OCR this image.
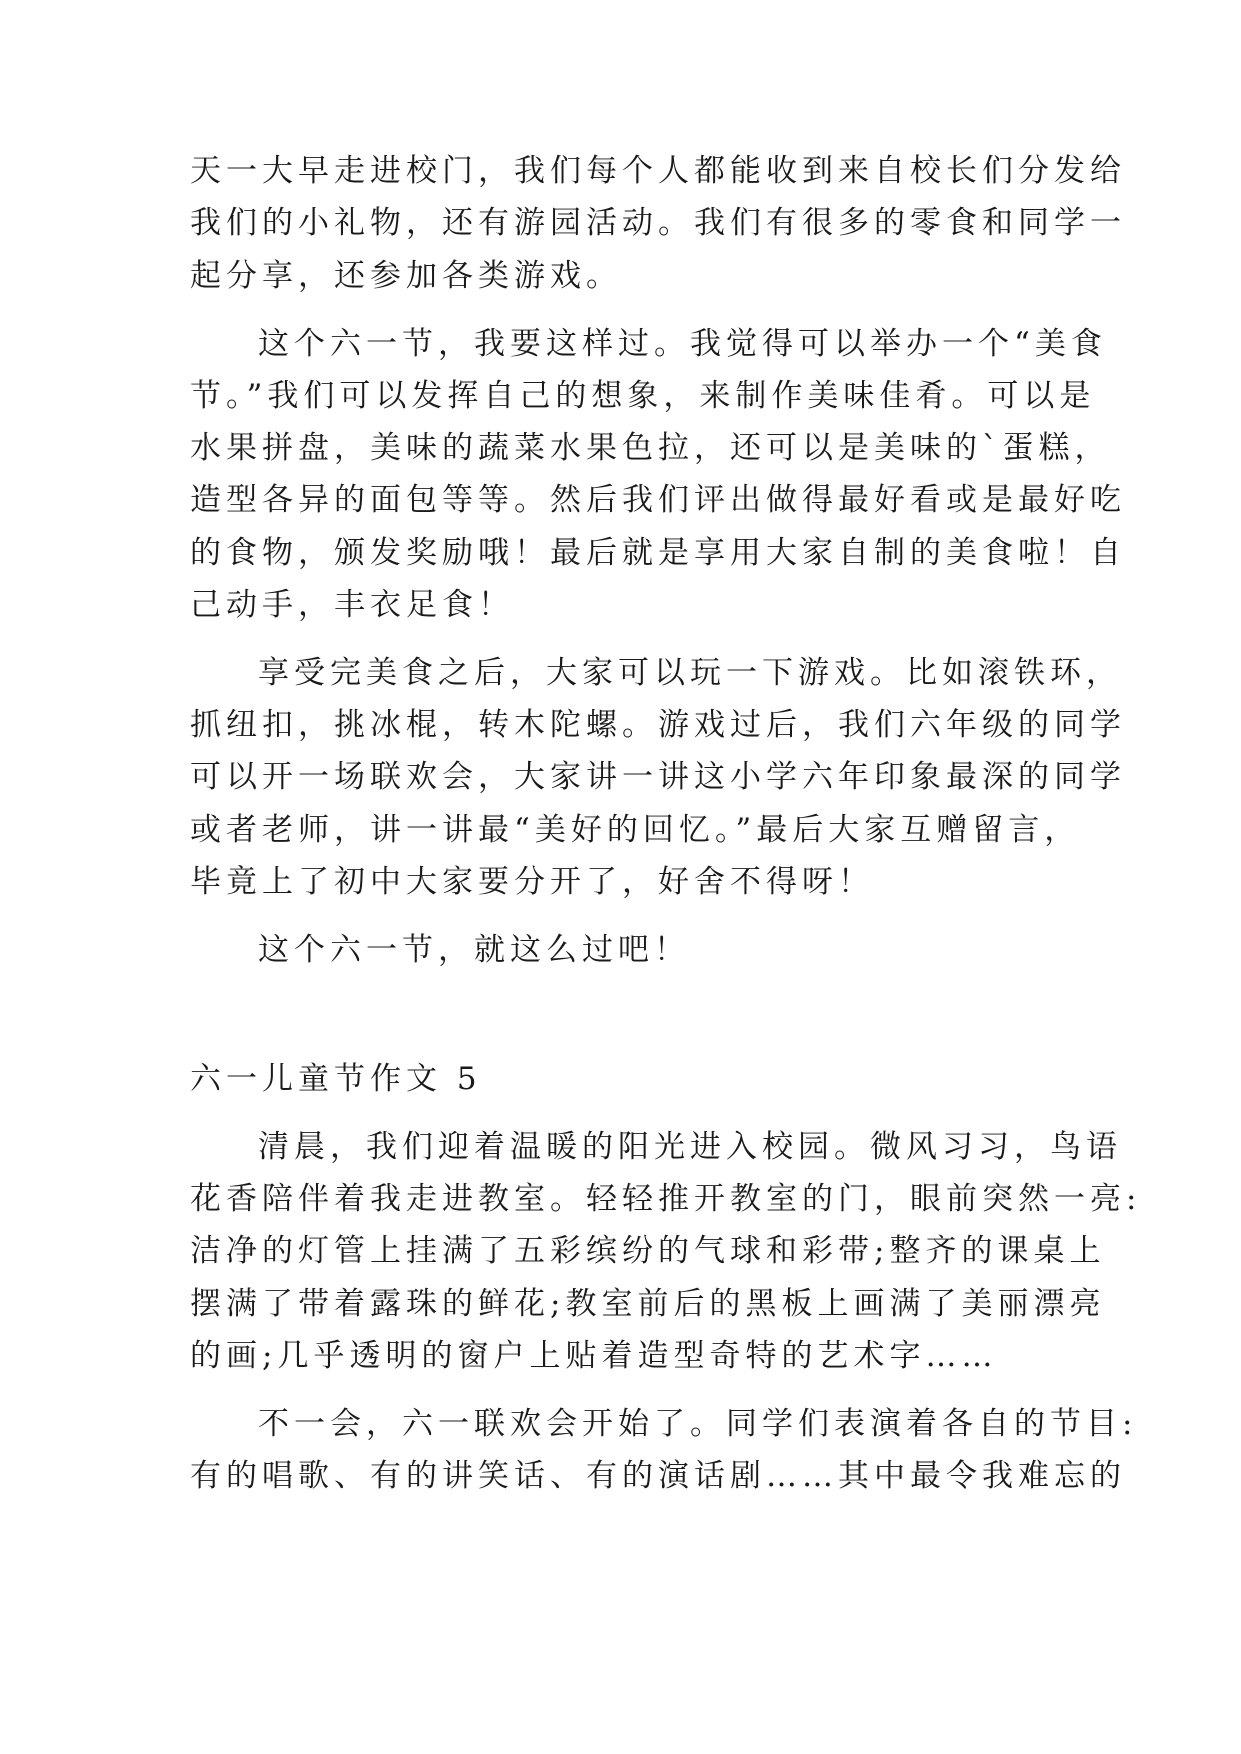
天一大早走进校门，我们每个人都能收到来自校长们分发给
我们的小礼物，还有游园活动。我们有很多的零食和同学一
起分享，还参加各类游戏。
这个六一节，我要这样过。我觉得可以举办一个“美食
节。”我们可以发挥自己的想象，来制作美味佳肴。可以是
水果拼盘，美味的蔬菜水果色拉，还可以是美味的`蛋糕，
造型各异的面包等等。然后我们评出做得最好看或是最好吃
的食物，颁发奖励哦！最后就是享用大家自制的美食啦！自
己动手，丰衣足食！
享受完美食之后，大家可以玩一下游戏。比如滚铁环，
抓纽扣，挑冰棍，转木陀螺。游戏过后，我们六年级的同学
可以开一场联欢会，大家讲一讲这小学六年印象最深的同学
或者老师，讲一讲最“美好的回忆。”最后大家互赠留言，
毕竟上了初中大家要分开了，好舍不得呀！
这个六一节，就这么过吧！
六一儿童节作文 5
清晨，我们迎着温暖的阳光进入校园。微风习习，鸟语
花香陪伴着我走进教室。轻轻推开教室的门，眼前突然一亮:
洁净的灯管上挂满了五彩缤纷的气球和彩带;整齐的课桌上
摆满了带着露珠的鲜花;教室前后的黑板上画满了美丽漂亮
的画;几乎透明的窗户上贴着造型奇特的艺术字……
不一会，六一联欢会开始了。同学们表演着各自的节目:
有的唱歌、有的讲笑话、有的演话剧……其中最令我难忘的
